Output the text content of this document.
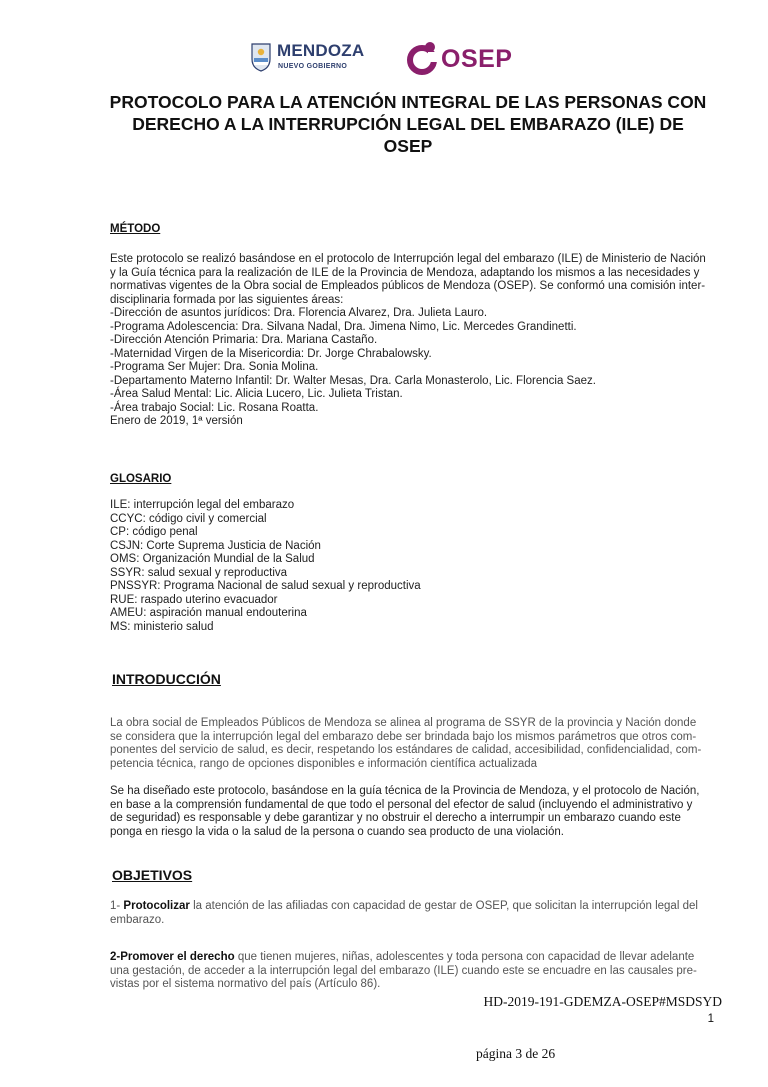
MENDOZA
NUEVO GOBIERNO	OSEP
PROTOCOLO PARA LA ATENCIÓN INTEGRAL DE LAS PERSONAS CON
DERECHO A LA INTERRUPCIÓN LEGAL DEL EMBARAZO (ILE) DE OSEP
MÉTODO
Este protocolo se realizó basándose en el protocolo de Interrupción legal del embarazo (ILE) de Ministerio de Nación
y la Guía técnica para la realización de ILE de la Provincia de Mendoza, adaptando los mismos a las necesidades y
normativas vigentes de la Obra social de Empleados públicos de Mendoza (OSEP). Se conformó una comisión inter-
disciplinaria formada por las siguientes áreas:
-Dirección de asuntos jurídicos: Dra. Florencia Alvarez, Dra. Julieta Lauro.
-Programa Adolescencia: Dra. Silvana Nadal, Dra. Jimena Nimo, Lic. Mercedes Grandinetti.
-Dirección Atención Primaria: Dra. Mariana Castaño.
-Maternidad Virgen de la Misericordia: Dr. Jorge Chrabalowsky.
-Programa Ser Mujer: Dra. Sonia Molina.
-Departamento Materno Infantil: Dr. Walter Mesas, Dra. Carla Monasterolo, Lic. Florencia Saez.
-Área Salud Mental: Lic. Alicia Lucero, Lic. Julieta Tristan.
-Área trabajo Social: Lic. Rosana Roatta.
Enero de 2019, 1ª versión
GLOSARIO
ILE: interrupción legal del embarazo
CCYC: código civil y comercial
CP: código penal
CSJN: Corte Suprema Justicia de Nación
OMS: Organización Mundial de la Salud
SSYR: salud sexual y reproductiva
PNSSYR: Programa Nacional de salud sexual y reproductiva
RUE: raspado uterino evacuador
AMEU: aspiración manual endouterina
MS: ministerio salud
INTRODUCCIÓN
La obra social de Empleados Públicos de Mendoza se alinea al programa de SSYR de la provincia y Nación donde
se considera que la interrupción legal del embarazo debe ser brindada bajo los mismos parámetros que otros com-
ponentes del servicio de salud, es decir, respetando los estándares de calidad, accesibilidad, confidencialidad, com-
petencia técnica, rango de opciones disponibles e información científica actualizada
Se ha diseñado este protocolo, basándose en la guía técnica de la Provincia de Mendoza, y el protocolo de Nación,
en base a la comprensión fundamental de que todo el personal del efector de salud (incluyendo el administrativo y
de seguridad) es responsable y debe garantizar y no obstruir el derecho a interrumpir un embarazo cuando este
ponga en riesgo la vida o la salud de la persona o cuando sea producto de una violación.
OBJETIVOS
1- Protocolizar la atención de las afiliadas con capacidad de gestar de OSEP, que solicitan la interrupción legal del
embarazo.
2-Promover el derecho que tienen mujeres, niñas, adolescentes y toda persona con capacidad de llevar adelante
una gestación, de acceder a la interrupción legal del embarazo (ILE) cuando este se encuadre en las causales pre-
vistas por el sistema normativo del país (Artículo 86).
HD-2019-191-GDEMZA-OSEP#MSDSYD
1
página 3 de 26
